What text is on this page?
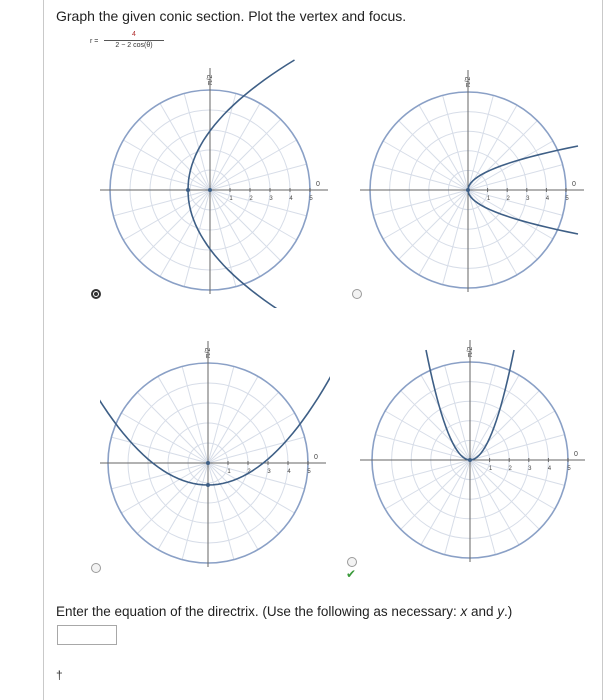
Graph the given conic section. Plot the vertex and focus.
r =
4
2 − 2 cos(θ)
1	2	3	4	5
0
π/2
1	2	3	4	5
0
π/2
1	2	3	4	5
0
π/2
1	2	3	4	5
0
π/2
✔
Enter the equation of the directrix. (Use the following as necessary: x and y.)
†
